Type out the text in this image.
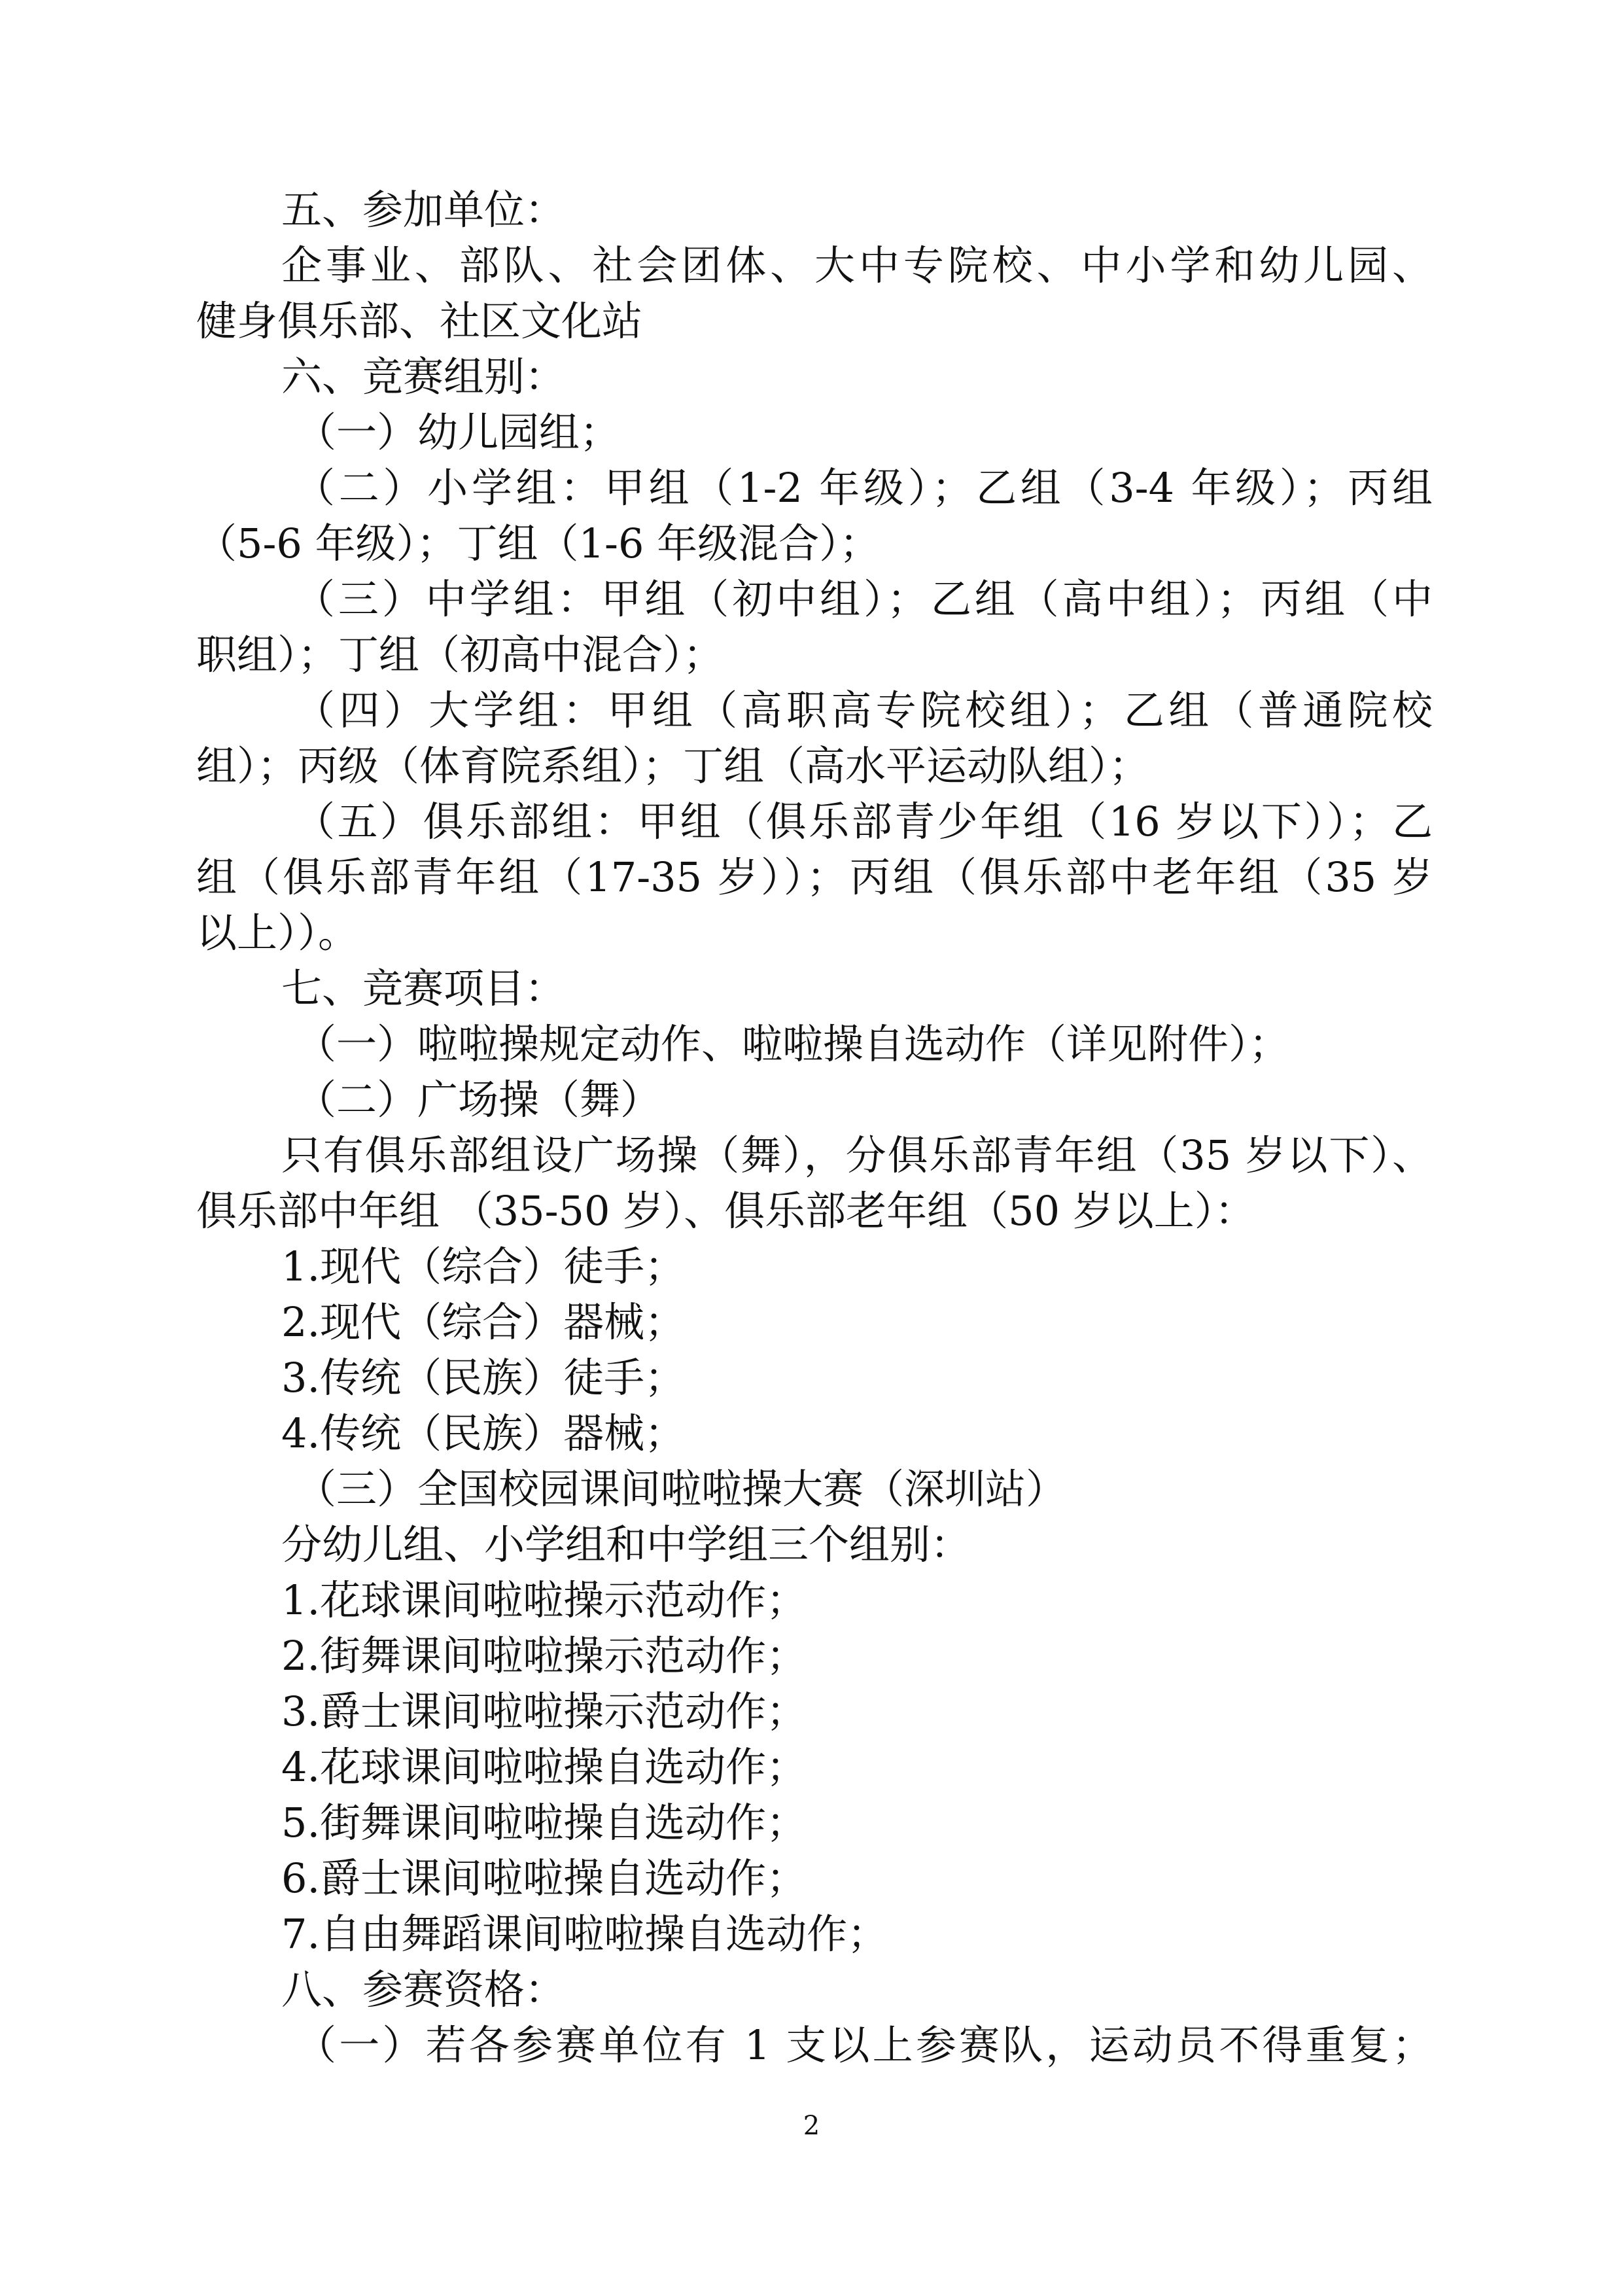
五、参加单位：
企事业、部队、社会团体、大中专院校、中小学和幼儿园、
健身俱乐部、社区文化站
六、竞赛组别：
（一）幼儿园组；
（二）小学组：甲组（1-2 年级）；乙组（3-4 年级）；丙组
（5-6 年级）；丁组（1-6 年级混合）；
（三）中学组：甲组（初中组）；乙组（高中组）；丙组（中
职组）；丁组（初高中混合）；
（四）大学组：甲组（高职高专院校组）；乙组（普通院校
组）；丙级（体育院系组）；丁组（高水平运动队组）；
（五）俱乐部组：甲组（俱乐部青少年组（16 岁以下））；乙
组（俱乐部青年组（17-35 岁））；丙组（俱乐部中老年组（35 岁
以上））。
七、竞赛项目：
（一）啦啦操规定动作、啦啦操自选动作（详见附件）；
（二）广场操（舞）
只有俱乐部组设广场操（舞），分俱乐部青年组（35 岁以下）、
俱乐部中年组 （35-50 岁）、俱乐部老年组（50 岁以上）：
1.现代（综合）徒手；
2.现代（综合）器械；
3.传统（民族）徒手；
4.传统（民族）器械；
（三）全国校园课间啦啦操大赛（深圳站）
分幼儿组、小学组和中学组三个组别：
1.花球课间啦啦操示范动作；
2.街舞课间啦啦操示范动作；
3.爵士课间啦啦操示范动作；
4.花球课间啦啦操自选动作；
5.街舞课间啦啦操自选动作；
6.爵士课间啦啦操自选动作；
7.自由舞蹈课间啦啦操自选动作；
八、参赛资格：
（一）若各参赛单位有 1 支以上参赛队，运动员不得重复；
2
